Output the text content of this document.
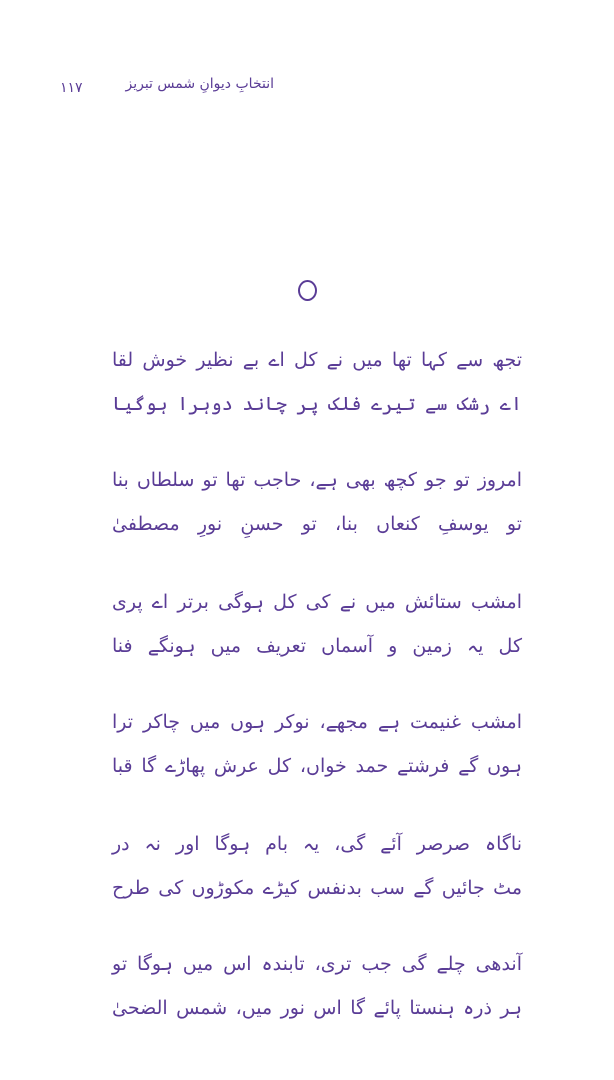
۱۱۷	انتخابِ دیوانِ شمس تبریز
تجھ سے کہا تھا میں نے کل اے بے نظیر خوش لقا
اے رشک سے تیرے فلک پر چاند دوہرا ہوگیا
امروز تو جو کچھ بھی ہے، حاجب تھا تو سلطاں بنا
تو یوسفِ کنعاں بنا، تو حسنِ نورِ مصطفیٰ
امشب ستائش میں نے کی کل ہوگی برتر اے پری
کل یہ زمین و آسماں تعریف میں ہونگے فنا
امشب غنیمت ہے مجھے، نوکر ہوں میں چاکر ترا
ہوں گے فرشتے حمد خواں، کل عرش پھاڑے گا قبا
ناگاہ صرصر آئے گی، یہ بام ہوگا اور نہ در
مٹ جائیں گے سب بدنفس کیڑے مکوڑوں کی طرح
آندھی چلے گی جب تری، تابندہ اس میں ہوگا تو
ہر ذرہ ہنستا پائے گا اس نور میں، شمس الضحیٰ
